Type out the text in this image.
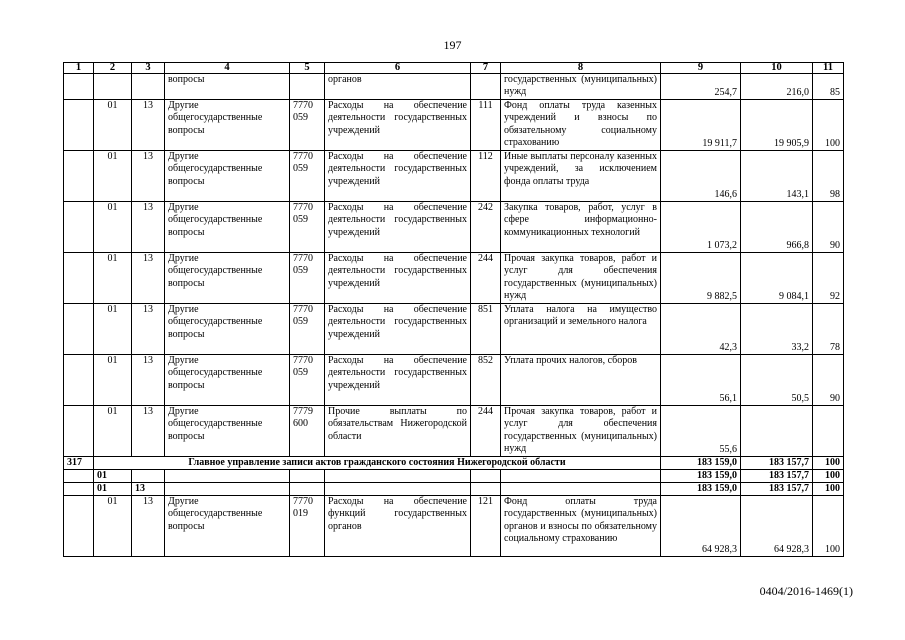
197
1	2	3	4	5	6	7	8	9	10	11
			вопросы		органов		государственных (муниципальных) нужд	254,7	216,0	85
	01	13	Другие общегосударственные вопросы	7770 059	Расходы на обеспечение деятельности государственных учреждений	111	Фонд оплаты труда казенных учреждений и взносы по обязательному социальному страхованию	19 911,7	19 905,9	100
	01	13	Другие общегосударственные вопросы	7770 059	Расходы на обеспечение деятельности государственных учреждений	112	Иные выплаты персоналу казенных учреждений, за исключением фонда оплаты труда	146,6	143,1	98
	01	13	Другие общегосударственные вопросы	7770 059	Расходы на обеспечение деятельности государственных учреждений	242	Закупка товаров, работ, услуг в сфере информационно-коммуникационных технологий	1 073,2	966,8	90
	01	13	Другие общегосударственные вопросы	7770 059	Расходы на обеспечение деятельности государственных учреждений	244	Прочая закупка товаров, работ и услуг для обеспечения государственных (муниципальных) нужд	9 882,5	9 084,1	92
	01	13	Другие общегосударственные вопросы	7770 059	Расходы на обеспечение деятельности государственных учреждений	851	Уплата налога на имущество организаций и земельного налога	42,3	33,2	78
	01	13	Другие общегосударственные вопросы	7770 059	Расходы на обеспечение деятельности государственных учреждений	852	Уплата прочих налогов, сборов	56,1	50,5	90
	01	13	Другие общегосударственные вопросы	7779 600	Прочие выплаты по обязательствам Нижегородской области	244	Прочая закупка товаров, работ и услуг для обеспечения государственных (муниципальных) нужд	55,6		
317	Главное управление записи актов гражданского состояния Нижегородской области							183 159,0	183 157,7	100
	01							183 159,0	183 157,7	100
	01	13						183 159,0	183 157,7	100
	01	13	Другие общегосударственные вопросы	7770 019	Расходы на обеспечение функций государственных органов	121	Фонд оплаты труда государственных (муниципальных) органов и взносы по обязательному социальному страхованию	64 928,3	64 928,3	100
0404/2016-1469(1)
